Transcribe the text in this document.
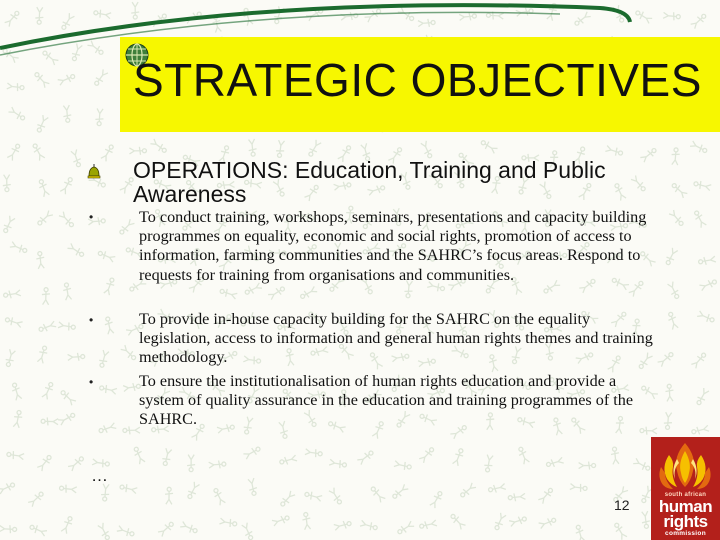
STRATEGIC OBJECTIVES
OPERATIONS: Education, Training and Public Awareness
•	To conduct training, workshops, seminars, presentations and capacity building programmes on equality, economic and social rights, promotion of access to information, farming communities and the SAHRC’s focus areas. Respond to requests for training from organisations and communities.

•	To provide in-house capacity building for the SAHRC on the equality legislation, access to information and general human rights themes and training methodology.

•	To ensure the institutionalisation of human rights education and provide a system of quality assurance in the education and training programmes of the SAHRC.

…
12
south african
human
rights
commission
